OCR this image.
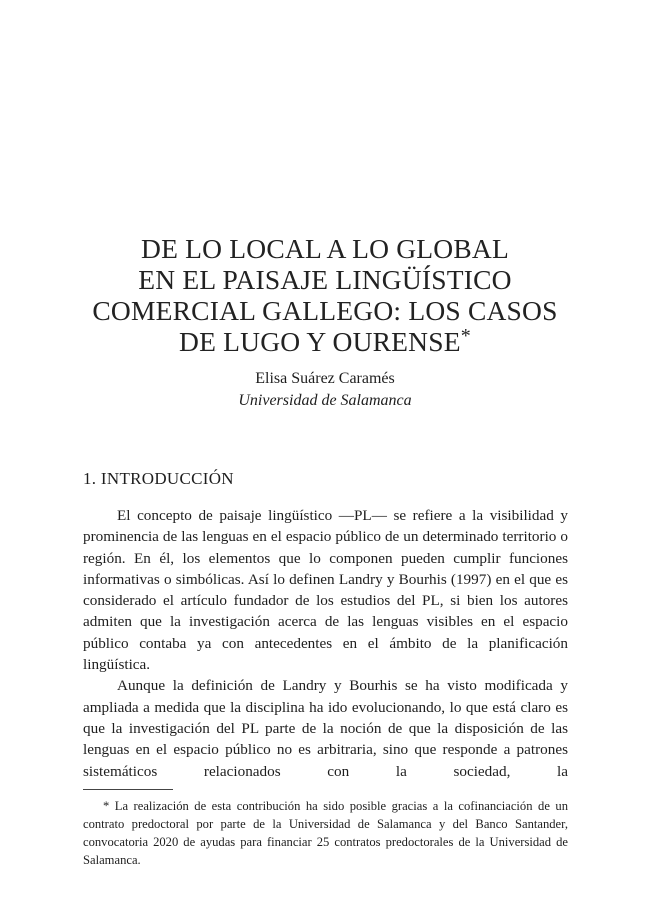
DE LO LOCAL A LO GLOBAL
EN EL PAISAJE LINGÜÍSTICO
COMERCIAL GALLEGO: LOS CASOS
DE LUGO Y OURENSE*
Elisa Suárez Caramés
Universidad de Salamanca
1. INTRODUCCIÓN

El concepto de paisaje lingüístico —PL— se refiere a la visibilidad y prominencia de las lenguas en el espacio público de un determinado territorio o región. En él, los elementos que lo componen pueden cumplir funciones informativas o simbólicas. Así lo definen Landry y Bourhis (1997) en el que es considerado el artículo fundador de los estudios del PL, si bien los autores admiten que la investigación acerca de las lenguas visibles en el espacio público contaba ya con antecedentes en el ámbito de la planificación lingüística.

Aunque la definición de Landry y Bourhis se ha visto modificada y ampliada a medida que la disciplina ha ido evolucionando, lo que está claro es que la investigación del PL parte de la noción de que la disposición de las lenguas en el espacio público no es arbitraria, sino que responde a patrones sistemáticos relacionados con la sociedad, la

* La realización de esta contribución ha sido posible gracias a la cofinanciación de un contrato predoctoral por parte de la Universidad de Salamanca y del Banco Santander, convocatoria 2020 de ayudas para financiar 25 contratos predoctorales de la Universidad de Salamanca.
